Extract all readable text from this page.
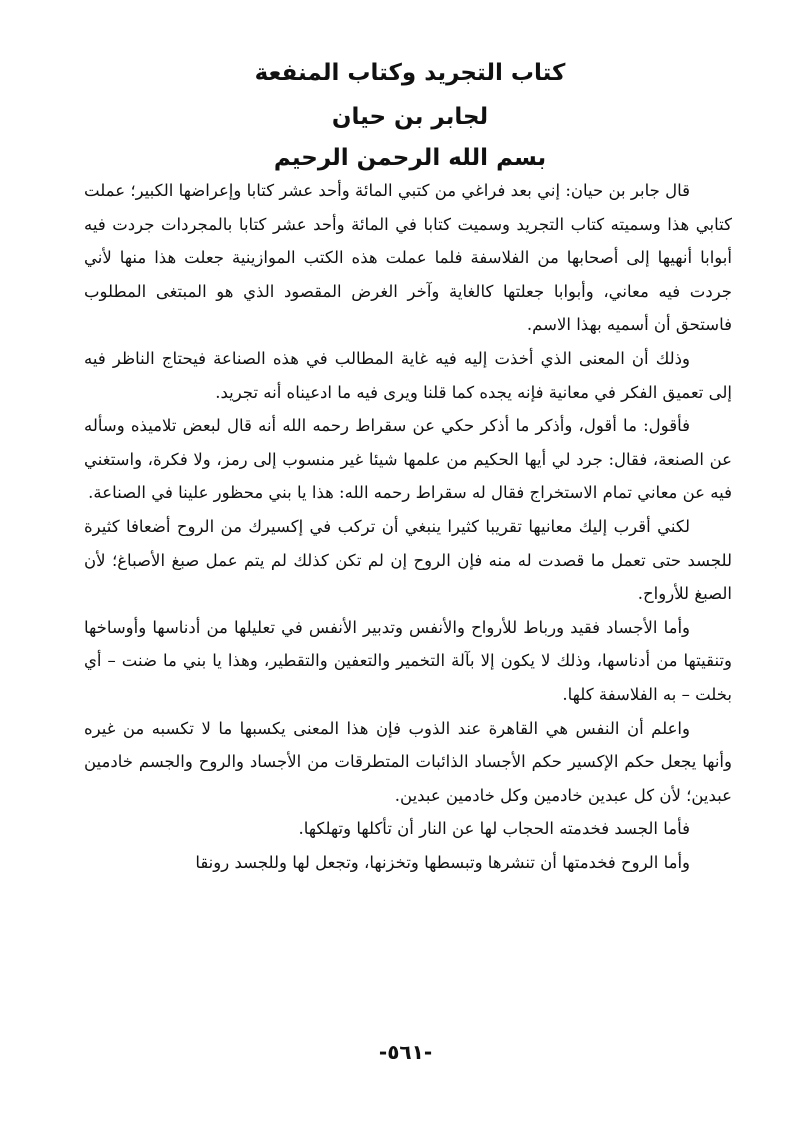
كتاب التجريد وكتاب المنفعة
لجابر بن حيان
بسم الله الرحمن الرحيم

قال جابر بن حيان: إني بعد فراغي من كتبي المائة وأحد عشر كتابا وإعراضها الكبير؛ عملت كتابي هذا وسميته كتاب التجريد وسميت كتابا في المائة وأحد عشر كتابا بالمجردات جردت فيه أبوابا أنهيها إلى أصحابها من الفلاسفة فلما عملت هذه الكتب الموازينية جعلت هذا منها لأني جردت فيه معاني، وأبوابا جعلتها كالغاية وآخر الغرض المقصود الذي هو المبتغى المطلوب فاستحق أن أسميه بهذا الاسم.

وذلك أن المعنى الذي أخذت إليه فيه غاية المطالب في هذه الصناعة فيحتاج الناظر فيه إلى تعميق الفكر في معانية فإنه يجده كما قلنا ويرى فيه ما ادعيناه أنه تجريد.

فأقول: ما أقول، وأذكر ما أذكر حكي عن سقراط رحمه الله أنه قال لبعض تلاميذه وسأله عن الصنعة، فقال: جرد لي أيها الحكيم من علمها شيئا غير منسوب إلى رمز، ولا فكرة، واستغني فيه عن معاني تمام الاستخراج فقال له سقراط رحمه الله: هذا يا بني محظور علينا في الصناعة.

لكني أقرب إليك معانيها تقريبا كثيرا ينبغي أن تركب في إكسيرك من الروح أضعافا كثيرة للجسد حتى تعمل ما قصدت له منه فإن الروح إن لم تكن كذلك لم يتم عمل صبغ الأصباغ؛ لأن الصبغ للأرواح.

وأما الأجساد فقيد ورباط للأرواح والأنفس وتدبير الأنفس في تعليلها من أدناسها وأوساخها وتنقيتها من أدناسها، وذلك لا يكون إلا بآلة التخمير والتعفين والتقطير، وهذا يا بني ما ضنت – أي بخلت – به الفلاسفة كلها.

واعلم أن النفس هي القاهرة عند الذوب فإن هذا المعنى يكسبها ما لا تكسبه من غيره وأنها يجعل حكم الإكسير حكم الأجساد الذائبات المتطرقات من الأجساد والروح والجسم خادمين عبدين؛ لأن كل عبدين خادمين وكل خادمين عبدين.

فأما الجسد فخدمته الحجاب لها عن النار أن تأكلها وتهلكها.

وأما الروح فخدمتها أن تنشرها وتبسطها وتخزنها، وتجعل لها وللجسد رونقا

-٥٦١-
